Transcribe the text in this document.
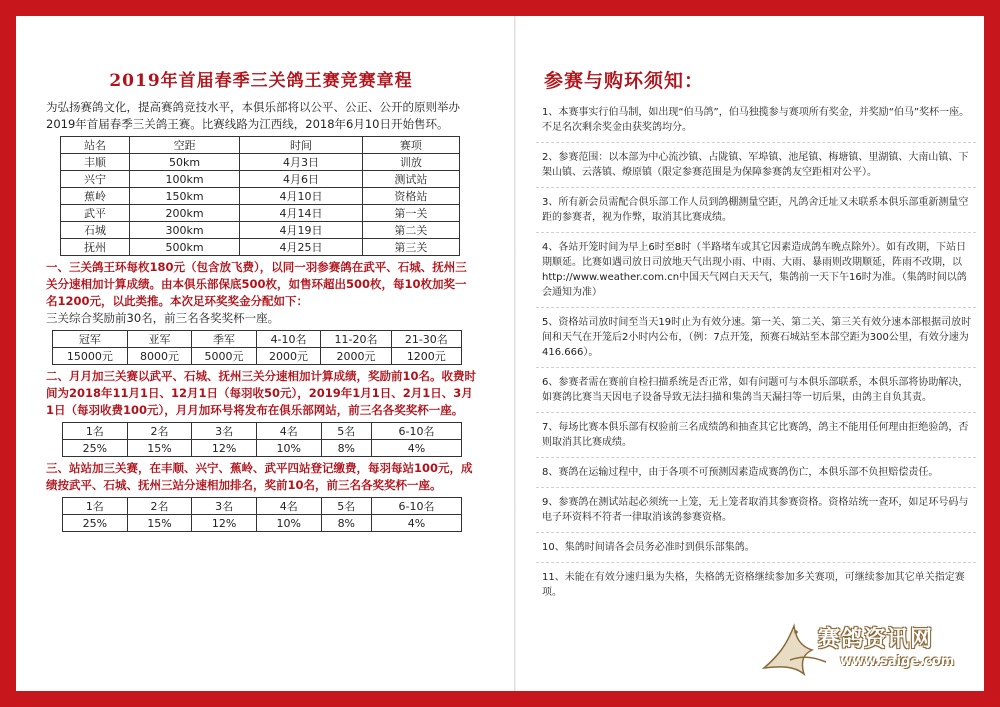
2019年首届春季三关鸽王赛竞赛章程
为弘扬赛鸽文化，提高赛鸽竞技水平，本俱乐部将以公平、公正、公开的原则举办2019年首届春季三关鸽王赛。比赛线路为江西线，2018年6月10日开始售环。
站名	空距	时间	赛项
丰顺	50km	4月3日	训放
兴宁	100km	4月6日	测试站
蕉岭	150km	4月10日	资格站
武平	200km	4月14日	第一关
石城	300km	4月19日	第二关
抚州	500km	4月25日	第三关
一、三关鸽王环每枚180元（包含放飞费），以同一羽参赛鸽在武平、石城、抚州三关分速相加计算成绩。由本俱乐部保底500枚，如售环超出500枚，每10枚加奖一名1200元，以此类推。本次足环奖奖金分配如下：
三关综合奖励前30名，前三名各奖奖杯一座。
冠军	亚军	季军	4-10名	11-20名	21-30名
15000元	8000元	5000元	2000元	2000元	1200元
二、月月加三关赛以武平、石城、抚州三关分速相加计算成绩，奖励前10名。收费时间为2018年11月1日、12月1日（每羽收50元），2019年1月1日、2月1日、3月1日（每羽收费100元），月月加环号将发布在俱乐部网站，前三名各奖奖杯一座。
1名	2名	3名	4名	5名	6-10名
25%	15%	12%	10%	8%	4%
三、站站加三关赛，在丰顺、兴宁、蕉岭、武平四站登记缴费，每羽每站100元，成绩按武平、石城、抚州三站分速相加排名，奖前10名，前三名各奖奖杯一座。
1名	2名	3名	4名	5名	6-10名
25%	15%	12%	10%	8%	4%
参赛与购环须知：
1、本赛事实行伯马制，如出现“伯马鸽”，伯马独揽参与赛项所有奖金，并奖励“伯马”奖杯一座。不足名次剩余奖金由获奖鸽均分。
2、参赛范围：以本部为中心流沙镇、占陇镇、军埠镇、池尾镇、梅塘镇、里湖镇、大南山镇、下架山镇、云落镇、燎原镇（限定参赛范围是为保障参赛鸽友空距相对公平）。
3、所有新会员需配合俱乐部工作人员到鸽棚测量空距，凡鸽舍迁址又未联系本俱乐部重新测量空距的参赛者，视为作弊，取消其比赛成绩。
4、各站开笼时间为早上6时至8时（半路堵车或其它因素造成鸽车晚点除外）。如有改期，下站日期顺延。比赛如遇司放日司放地天气出现小雨、中雨、大雨、暴雨则改期顺延，阵雨不改期，以http://www.weather.com.cn中国天气网白天天气，集鸽前一天下午16时为准。（集鸽时间以鸽会通知为准）
5、资格站司放时间至当天19时止为有效分速。第一关、第二关、第三关有效分速本部根据司放时间和天气在开笼后2小时内公布，（例：7点开笼，预赛石城站至本部空距为300公里，有效分速为416.666）。
6、参赛者需在赛前自检扫描系统是否正常，如有问题可与本俱乐部联系，本俱乐部将协助解决，如赛鸽比赛当天因电子设备导致无法扫描和集鸽当天漏扫等一切后果，由鸽主自负其责。
7、每场比赛本俱乐部有权验前三名成绩鸽和抽查其它比赛鸽，鸽主不能用任何理由拒绝验鸽，否则取消其比赛成绩。
8、赛鸽在运输过程中，由于各项不可预测因素造成赛鸽伤亡，本俱乐部不负担赔偿责任。
9、参赛鸽在测试站起必须统一上笼，无上笼者取消其参赛资格。资格站统一查环，如足环号码与电子环资料不符者一律取消该鸽参赛资格。
10、集鸽时间请各会员务必准时到俱乐部集鸽。
11、未能在有效分速归巢为失格，失格鸽无资格继续参加多关赛项，可继续参加其它单关指定赛项。
赛鸽资讯网
www.saige.com
